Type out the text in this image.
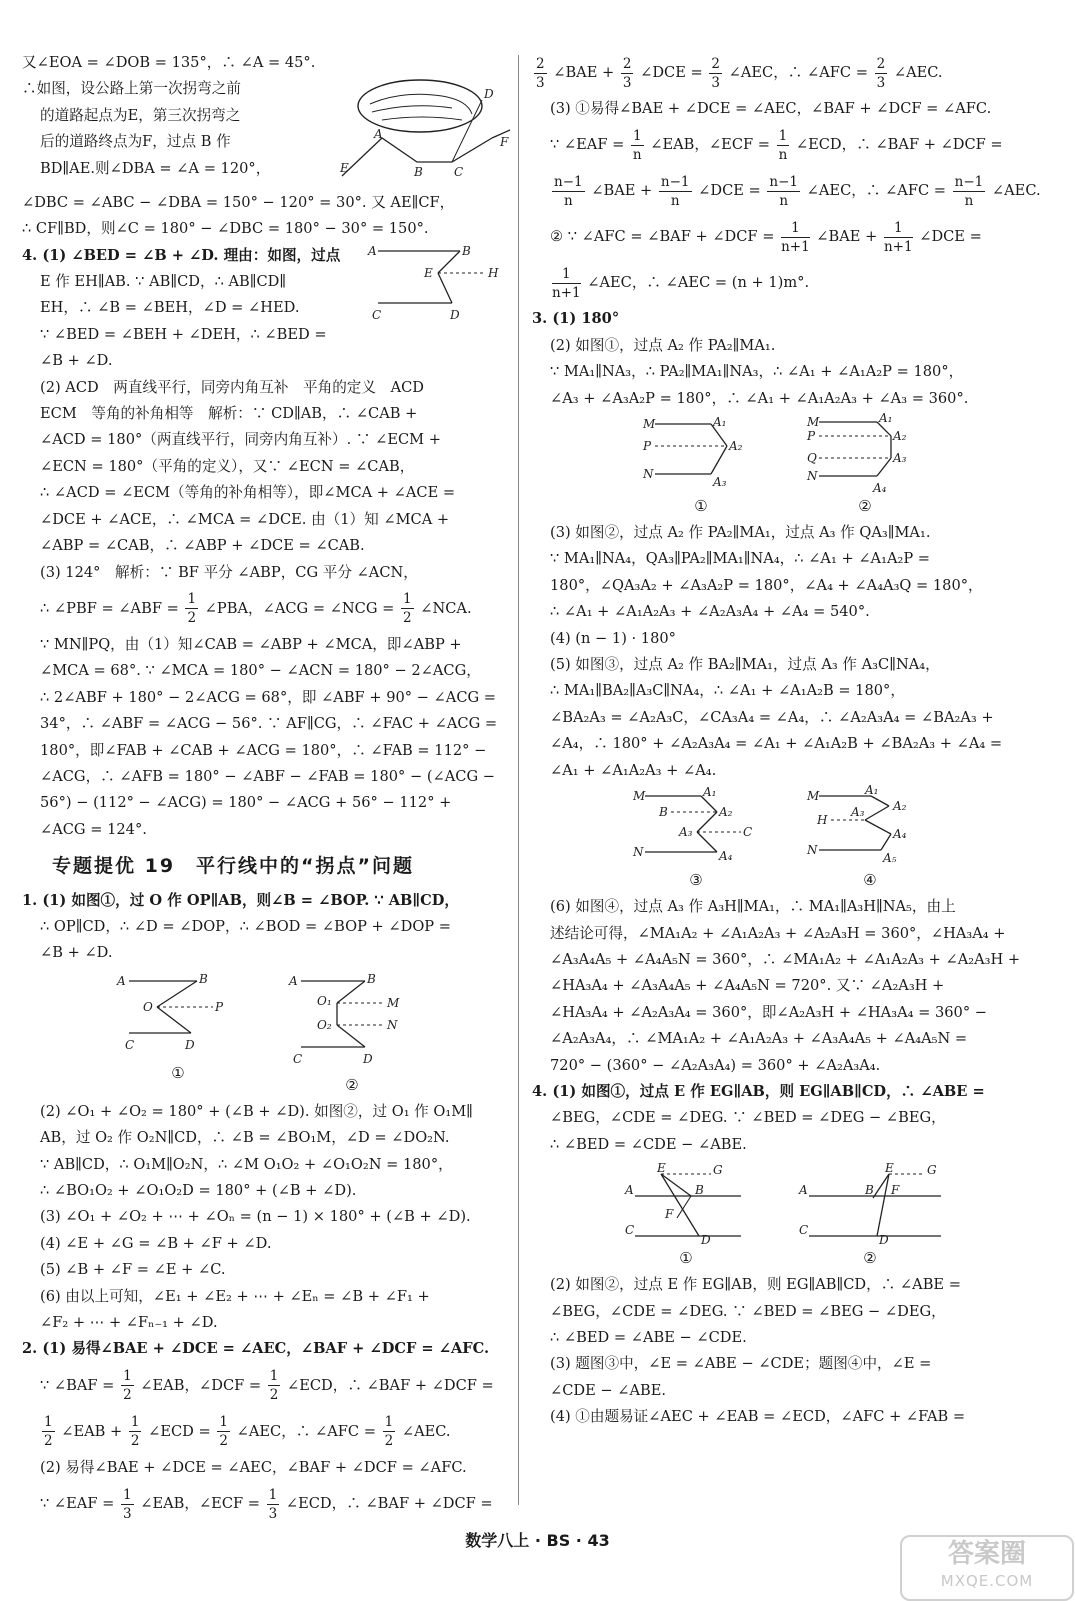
又∠EOA = ∠DOB = 135°，∴ ∠A = 45°.
∴如图，设公路上第一次拐弯之前
的道路起点为E，第三次拐弯之
后的道路终点为F，过点 B 作
BD∥AE.则∠DBA = ∠A = 120°，	E
A
B	C
D
F
∠DBC = ∠ABC − ∠DBA = 150° − 120° = 30°. 又 AE∥CF，
∴ CF∥BD，则∠C = 180° − ∠DBC = 180° − 30° = 150°.
4. (1) ∠BED = ∠B + ∠D. 理由：如图，过点
E 作 EH∥AB. ∵ AB∥CD，∴ AB∥CD∥
EH，∴ ∠B = ∠BEH，∠D = ∠HED.
∵ ∠BED = ∠BEH + ∠DEH，∴ ∠BED =
∠B + ∠D.
A	B
E	H
C	D
(2) ACD　两直线平行，同旁内角互补　平角的定义　ACD
ECM　等角的补角相等　解析：∵ CD∥AB，∴ ∠CAB +
∠ACD = 180°（两直线平行，同旁内角互补）. ∵ ∠ECM +
∠ECN = 180°（平角的定义），又∵ ∠ECN = ∠CAB，
∴ ∠ACD = ∠ECM（等角的补角相等），即∠MCA + ∠ACE =
∠DCE + ∠ACE，∴ ∠MCA = ∠DCE. 由（1）知 ∠MCA +
∠ABP = ∠CAB，∴ ∠ABP + ∠DCE = ∠CAB.
(3) 124°　解析：∵ BF 平分 ∠ABP，CG 平分 ∠ACN，
∴ ∠PBF = ∠ABF = $\frac{1}{2}$ ∠PBA，∠ACG = ∠NCG = $\frac{1}{2}$ ∠NCA.
∵ MN∥PQ，由（1）知∠CAB = ∠ABP + ∠MCA，即∠ABP +
∠MCA = 68°. ∵ ∠MCA = 180° − ∠ACN = 180° − 2∠ACG，
∴ 2∠ABF + 180° − 2∠ACG = 68°，即 ∠ABF + 90° − ∠ACG =
34°，∴ ∠ABF = ∠ACG − 56°. ∵ AF∥CG，∴ ∠FAC + ∠ACG =
180°，即∠FAB + ∠CAB + ∠ACG = 180°，∴ ∠FAB = 112° −
∠ACG，∴ ∠AFB = 180° − ∠ABF − ∠FAB = 180° − (∠ACG −
56°) − (112° − ∠ACG) = 180° − ∠ACG + 56° − 112° +
∠ACG = 124°.
专题提优 19　平行线中的“拐点”问题
1. (1) 如图①，过 O 作 OP∥AB，则∠B = ∠BOP. ∵ AB∥CD，
∴ OP∥CD，∴ ∠D = ∠DOP，∴ ∠BOD = ∠BOP + ∠DOP =
∠B + ∠D.
A	B
O	P
C	D
①
A	B
O₁
O₂
M
N
C	D
②
(2) ∠O₁ + ∠O₂ = 180° + (∠B + ∠D). 如图②，过 O₁ 作 O₁M∥
AB，过 O₂ 作 O₂N∥CD，∴ ∠B = ∠BO₁M，∠D = ∠DO₂N.
∵ AB∥CD，∴ O₁M∥O₂N，∴ ∠M O₁O₂ + ∠O₁O₂N = 180°，
∴ ∠BO₁O₂ + ∠O₁O₂D = 180° + (∠B + ∠D).
(3) ∠O₁ + ∠O₂ + ⋯ + ∠Oₙ = (n − 1) × 180° + (∠B + ∠D).
(4) ∠E + ∠G = ∠B + ∠F + ∠D.
(5) ∠B + ∠F = ∠E + ∠C.
(6) 由以上可知，∠E₁ + ∠E₂ + ⋯ + ∠Eₙ = ∠B + ∠F₁ +
∠F₂ + ⋯ + ∠Fₙ₋₁ + ∠D.
2. (1) 易得∠BAE + ∠DCE = ∠AEC，∠BAF + ∠DCF = ∠AFC.
∵ ∠BAF = $\frac{1}{2}$ ∠EAB，∠DCF = $\frac{1}{2}$ ∠ECD，∴ ∠BAF + ∠DCF =
$\frac{1}{2}$ ∠EAB + $\frac{1}{2}$ ∠ECD = $\frac{1}{2}$ ∠AEC，∴ ∠AFC = $\frac{1}{2}$ ∠AEC.
(2) 易得∠BAE + ∠DCE = ∠AEC，∠BAF + ∠DCF = ∠AFC.
∵ ∠EAF = $\frac{1}{3}$ ∠EAB，∠ECF = $\frac{1}{3}$ ∠ECD，∴ ∠BAF + ∠DCF =
$\frac{2}{3}$ ∠BAE + $\frac{2}{3}$ ∠DCE = $\frac{2}{3}$ ∠AEC，∴ ∠AFC = $\frac{2}{3}$ ∠AEC.
(3) ①易得∠BAE + ∠DCE = ∠AEC，∠BAF + ∠DCF = ∠AFC.
∵ ∠EAF = $\frac{1}{n}$ ∠EAB，∠ECF = $\frac{1}{n}$ ∠ECD，∴ ∠BAF + ∠DCF =
$\frac{n-1}{n}$ ∠BAE + $\frac{n-1}{n}$ ∠DCE = $\frac{n-1}{n}$ ∠AEC，∴ ∠AFC = $\frac{n-1}{n}$ ∠AEC.
② ∵ ∠AFC = ∠BAF + ∠DCF = $\frac{1}{n+1}$ ∠BAE + $\frac{1}{n+1}$ ∠DCE =
$\frac{1}{n+1}$ ∠AEC，∴ ∠AEC = (n + 1)m°.
3. (1) 180°
(2) 如图①，过点 A₂ 作 PA₂∥MA₁.
∵ MA₁∥NA₃，∴ PA₂∥MA₁∥NA₃，∴ ∠A₁ + ∠A₁A₂P = 180°，
∠A₃ + ∠A₃A₂P = 180°，∴ ∠A₁ + ∠A₁A₂A₃ + ∠A₃ = 360°.
M	A₁
P	A₂
N
A₃
①
M	A₁
P	A₂
Q	A₃
N
A₄
②
(3) 如图②，过点 A₂ 作 PA₂∥MA₁，过点 A₃ 作 QA₃∥MA₁.
∵ MA₁∥NA₄，QA₃∥PA₂∥MA₁∥NA₄，∴ ∠A₁ + ∠A₁A₂P =
180°，∠QA₃A₂ + ∠A₃A₂P = 180°，∠A₄ + ∠A₄A₃Q = 180°，
∴ ∠A₁ + ∠A₁A₂A₃ + ∠A₂A₃A₄ + ∠A₄ = 540°.
(4) (n − 1) · 180°
(5) 如图③，过点 A₂ 作 BA₂∥MA₁，过点 A₃ 作 A₃C∥NA₄，
∴ MA₁∥BA₂∥A₃C∥NA₄，∴ ∠A₁ + ∠A₁A₂B = 180°，
∠BA₂A₃ = ∠A₂A₃C，∠CA₃A₄ = ∠A₄，∴ ∠A₂A₃A₄ = ∠BA₂A₃ +
∠A₄，∴ 180° + ∠A₂A₃A₄ = ∠A₁ + ∠A₁A₂B + ∠BA₂A₃ + ∠A₄ =
∠A₁ + ∠A₁A₂A₃ + ∠A₄.
M	A₁
B	A₂
A₃	C
N	A₄
③
M	A₁
A₂
H
A₃
A₄
N
A₅
④
(6) 如图④，过点 A₃ 作 A₃H∥MA₁，∴ MA₁∥A₃H∥NA₅，由上
述结论可得，∠MA₁A₂ + ∠A₁A₂A₃ + ∠A₂A₃H = 360°，∠HA₃A₄ +
∠A₃A₄A₅ + ∠A₄A₅N = 360°，∴ ∠MA₁A₂ + ∠A₁A₂A₃ + ∠A₂A₃H +
∠HA₃A₄ + ∠A₃A₄A₅ + ∠A₄A₅N = 720°. 又∵ ∠A₂A₃H +
∠HA₃A₄ + ∠A₂A₃A₄ = 360°，即∠A₂A₃H + ∠HA₃A₄ = 360° −
∠A₂A₃A₄，∴ ∠MA₁A₂ + ∠A₁A₂A₃ + ∠A₃A₄A₅ + ∠A₄A₅N =
720° − (360° − ∠A₂A₃A₄) = 360° + ∠A₂A₃A₄.
4. (1) 如图①，过点 E 作 EG∥AB，则 EG∥AB∥CD，∴ ∠ABE =
∠BEG，∠CDE = ∠DEG. ∵ ∠BED = ∠DEG − ∠BEG，
∴ ∠BED = ∠CDE − ∠ABE.
E	G
A	B
F
C
D
①
E	G
A	B F
C
D
②
(2) 如图②，过点 E 作 EG∥AB，则 EG∥AB∥CD，∴ ∠ABE =
∠BEG，∠CDE = ∠DEG. ∵ ∠BED = ∠BEG − ∠DEG，
∴ ∠BED = ∠ABE − ∠CDE.
(3) 题图③中，∠E = ∠ABE − ∠CDE；题图④中，∠E =
∠CDE − ∠ABE.
(4) ①由题易证∠AEC + ∠EAB = ∠ECD，∠AFC + ∠FAB =
数学八上 · BS · 43	答案圈
MXQE.COM
